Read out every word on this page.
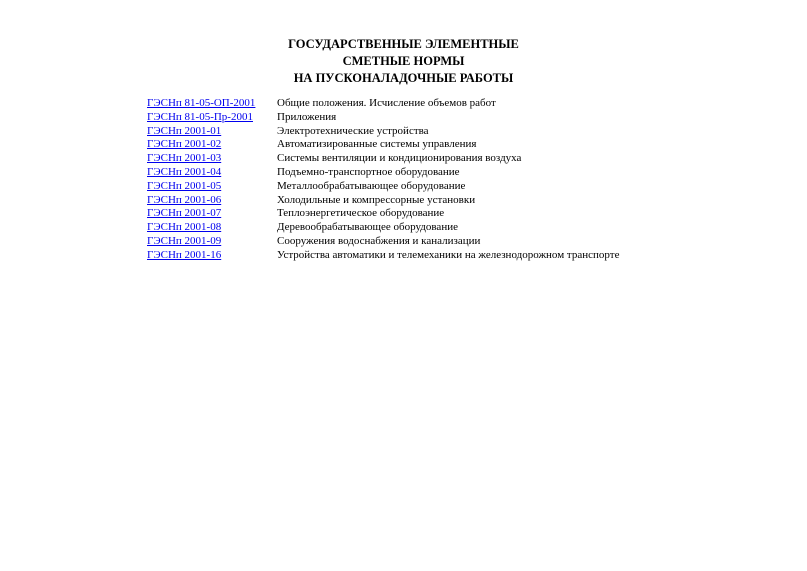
ГОСУДАРСТВЕННЫЕ ЭЛЕМЕНТНЫЕ
СМЕТНЫЕ НОРМЫ
НА ПУСКОНАЛАДОЧНЫЕ РАБОТЫ
ГЭСНп 81-05-ОП-2001	Общие положения. Исчисление объемов работ
ГЭСНп 81-05-Пр-2001	Приложения
ГЭСНп 2001-01	Электротехнические устройства
ГЭСНп 2001-02	Автоматизированные системы управления
ГЭСНп 2001-03	Системы вентиляции и кондиционирования воздуха
ГЭСНп 2001-04	Подъемно-транспортное оборудование
ГЭСНп 2001-05	Металлообрабатывающее оборудование
ГЭСНп 2001-06	Холодильные и компрессорные установки
ГЭСНп 2001-07	Теплоэнергетическое оборудование
ГЭСНп 2001-08	Деревообрабатывающее оборудование
ГЭСНп 2001-09	Сооружения водоснабжения и канализации
ГЭСНп 2001-16	Устройства автоматики и телемеханики на железнодорожном транспорте
